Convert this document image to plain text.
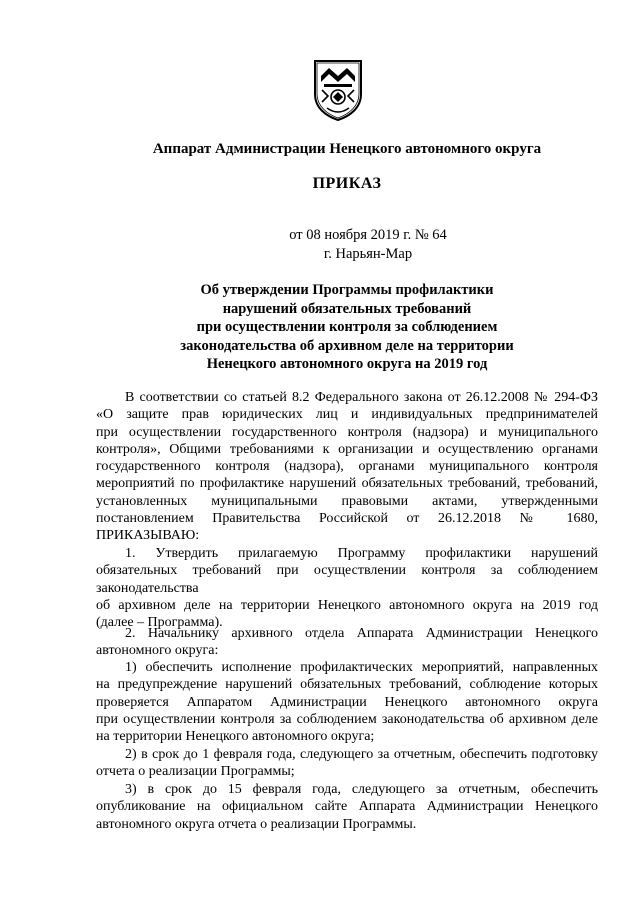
Аппарат Администрации Ненецкого автономного округа
ПРИКАЗ
от 08 ноября 2019 г. № 64
г. Нарьян-Мар
Об утверждении Программы профилактики
нарушений обязательных требований
при осуществлении контроля за соблюдением
законодательства об архивном деле на территории
Ненецкого автономного округа на 2019 год
В соответствии со статьей 8.2 Федерального закона от 26.12.2008 № 294-ФЗ
«О защите прав юридических лиц и индивидуальных предпринимателей
при осуществлении государственного контроля (надзора) и муниципального
контроля», Общими требованиями к организации и осуществлению органами
государственного контроля (надзора), органами муниципального контроля
мероприятий по профилактике нарушений обязательных требований, требований,
установленных муниципальными правовыми актами, утвержденными
постановлением Правительства Российской от 26.12.2018 № 1680,
ПРИКАЗЫВАЮ:
1. Утвердить прилагаемую Программу профилактики нарушений
обязательных требований при осуществлении контроля за соблюдением
законодательства
об архивном деле на территории Ненецкого автономного округа на 2019 год
(далее – Программа).
2. Начальнику архивного отдела Аппарата Администрации Ненецкого
автономного округа:
1) обеспечить исполнение профилактических мероприятий, направленных
на предупреждение нарушений обязательных требований, соблюдение которых
проверяется Аппаратом Администрации Ненецкого автономного округа
при осуществлении контроля за соблюдением законодательства об архивном деле
на территории Ненецкого автономного округа;
2) в срок до 1 февраля года, следующего за отчетным, обеспечить подготовку
отчета о реализации Программы;
3) в срок до 15 февраля года, следующего за отчетным, обеспечить
опубликование на официальном сайте Аппарата Администрации Ненецкого
автономного округа отчета о реализации Программы.
